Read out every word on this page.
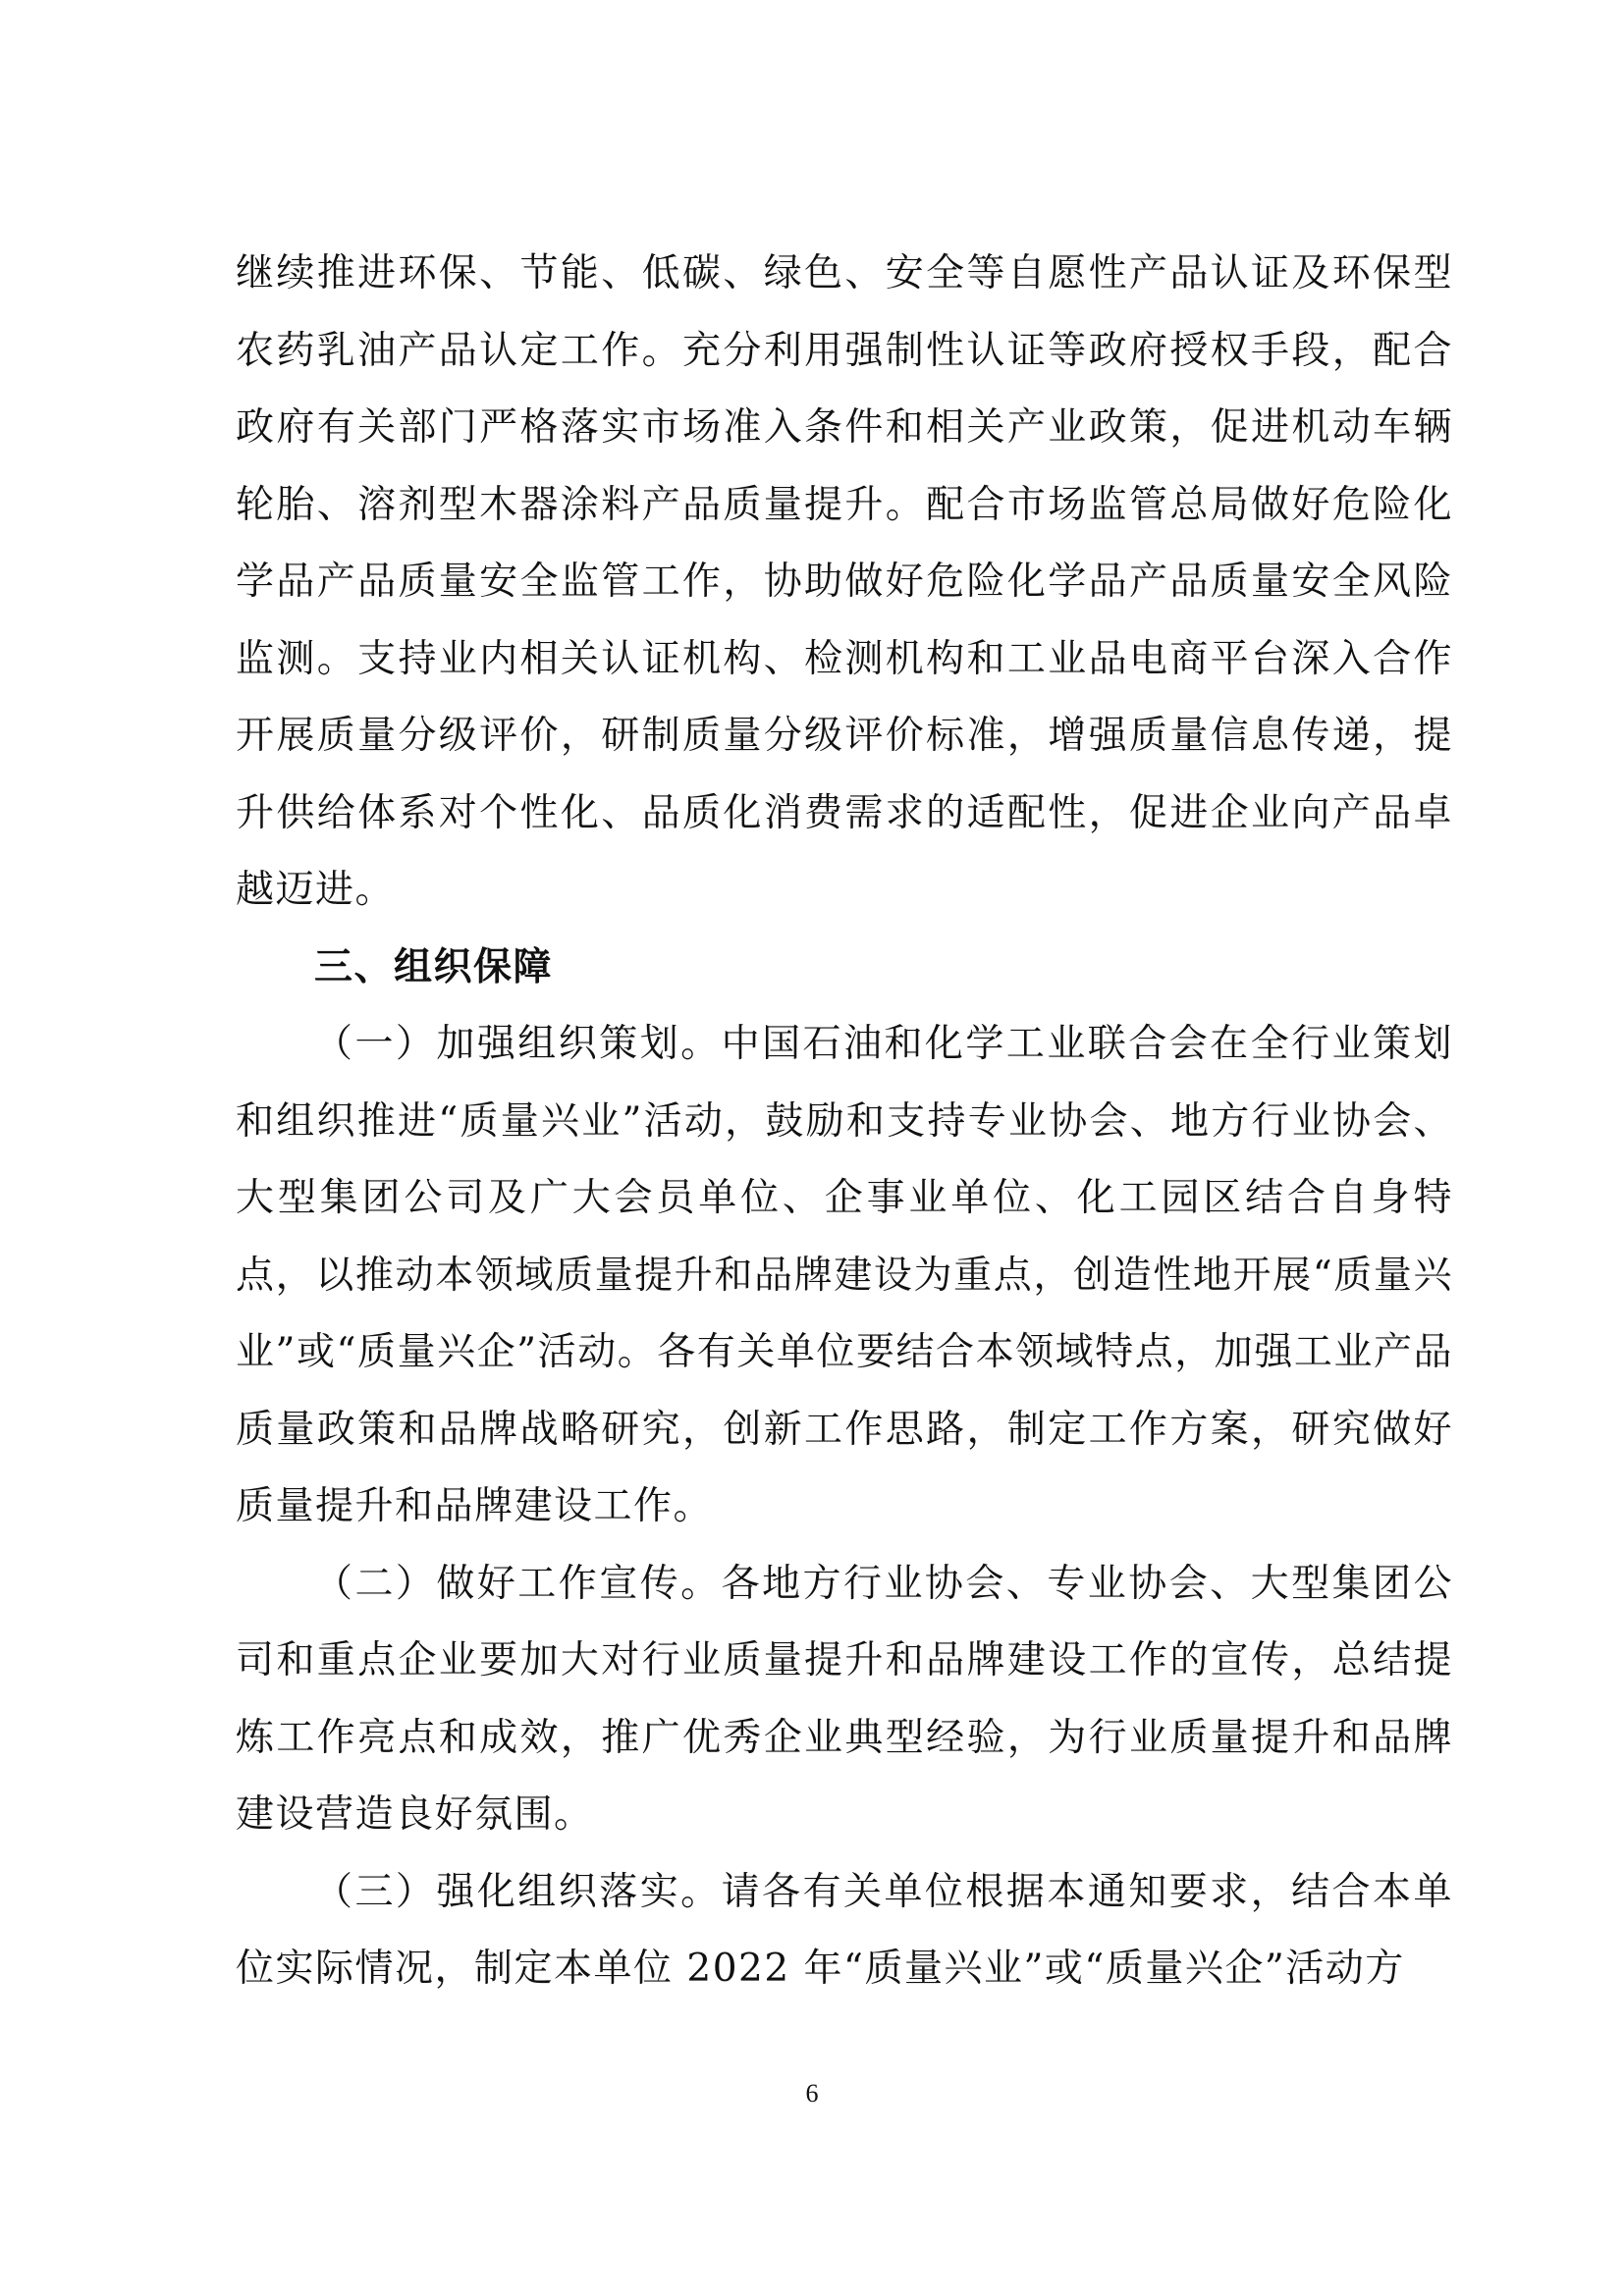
继续推进环保、节能、低碳、绿色、安全等自愿性产品认证及环保型农药乳油产品认定工作。充分利用强制性认证等政府授权手段，配合政府有关部门严格落实市场准入条件和相关产业政策，促进机动车辆轮胎、溶剂型木器涂料产品质量提升。配合市场监管总局做好危险化学品产品质量安全监管工作，协助做好危险化学品产品质量安全风险监测。支持业内相关认证机构、检测机构和工业品电商平台深入合作开展质量分级评价，研制质量分级评价标准，增强质量信息传递，提升供给体系对个性化、品质化消费需求的适配性，促进企业向产品卓越迈进。

三、组织保障

（一）加强组织策划。中国石油和化学工业联合会在全行业策划和组织推进“质量兴业”活动，鼓励和支持专业协会、地方行业协会、大型集团公司及广大会员单位、企事业单位、化工园区结合自身特点，以推动本领域质量提升和品牌建设为重点，创造性地开展“质量兴业”或“质量兴企”活动。各有关单位要结合本领域特点，加强工业产品质量政策和品牌战略研究，创新工作思路，制定工作方案，研究做好质量提升和品牌建设工作。

（二）做好工作宣传。各地方行业协会、专业协会、大型集团公司和重点企业要加大对行业质量提升和品牌建设工作的宣传，总结提炼工作亮点和成效，推广优秀企业典型经验，为行业质量提升和品牌建设营造良好氛围。

（三）强化组织落实。请各有关单位根据本通知要求，结合本单位实际情况，制定本单位 2022 年“质量兴业”或“质量兴企”活动方

6
